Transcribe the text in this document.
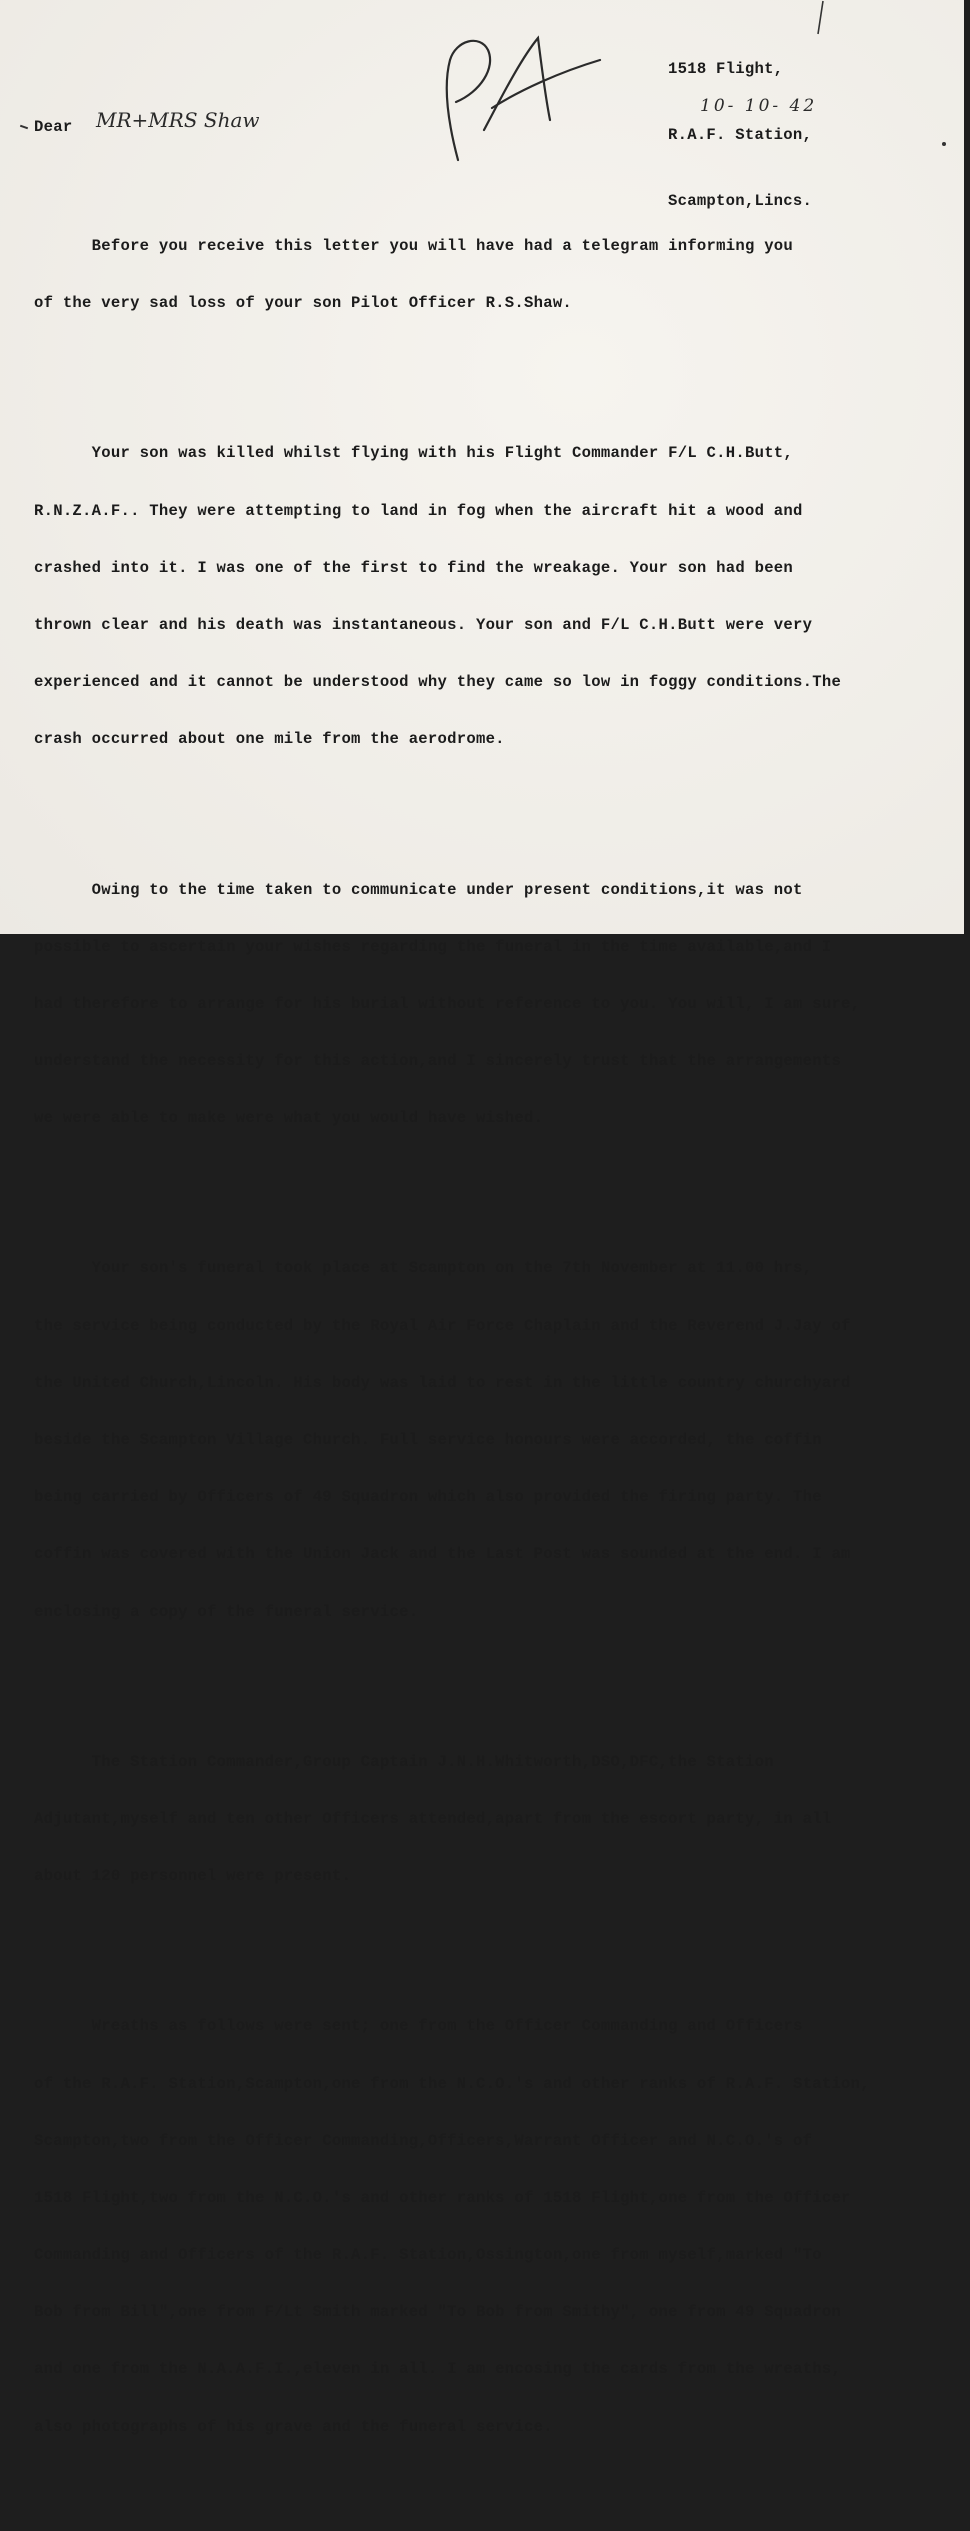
1518 Flight,

R.A.F. Station,

Scampton,Lincs.

10- 10- 42
Dear MR+MRS Shaw

Before you receive this letter you will have had a telegram informing you

of the very sad loss of your son Pilot Officer R.S.Shaw.

Your son was killed whilst flying with his Flight Commander F/L C.H.Butt,

R.N.Z.A.F.. They were attempting to land in fog when the aircraft hit a wood and

crashed into it. I was one of the first to find the wreakage. Your son had been

thrown clear and his death was instantaneous. Your son and F/L C.H.Butt were very

experienced and it cannot be understood why they came so low in foggy conditions.The

crash occurred about one mile from the aerodrome.

Owing to the time taken to communicate under present conditions,it was not

possible to ascertain your wishes regarding the funeral in the time available,and I

had therefore to arrange for his burial without reference to you. You will, I am sure,

understand the necessity for this action,and I sincerely trust that the arrangements

we were able to make were what you would have wished.

Your son's funeral took place at Scampton on the 7th November at 11.00 hrs,

the service being conducted by the Royal Air Force Chaplain and the Reverend J.Jay of

the United Church,Lincoln. His body was laid to rest in the little country churchyard

beside the Scampton Village Church. Full service honours were accorded, the coffin

being carried by Officers of 49 Squadron which also provided the firing party. The

coffin was covered with the Union Jack and the Last Post was sounded at the end. I am

enclosing a copy of the funeral service.

The Station Commander,Group Captain J.N.H.Whitworth,DSO,DFC,the Station

Adjutant,myself and ten other Officers attended,apart from the escort party, in all

about 120 personnel were present.

Wreaths as follows were sent; one from the Officer Commanding and Officers

of the R.A.F. Station,Scampton,one from the N.C.O.'s and other ranks of R.A.F. Station,

Scampton,two from the Officer Commanding,Officers,Warrant Officer and N.C.O.'s of

1518 Flight,two from the N.C.O.'s and other ranks of 1518 Flight,one from the Officer

Commanding and Officers of the R.A.F. Station,Ossington,one from myself,marked "To

Bob from Bill",one from F/Lt Smith marked "To Bob from Smithy", one from 49 Squadron

and one from the N.A.A.F.I.,eleven in all. I am encosing the cards from the wreaths,

also photographs of his grave and the funeral service.
